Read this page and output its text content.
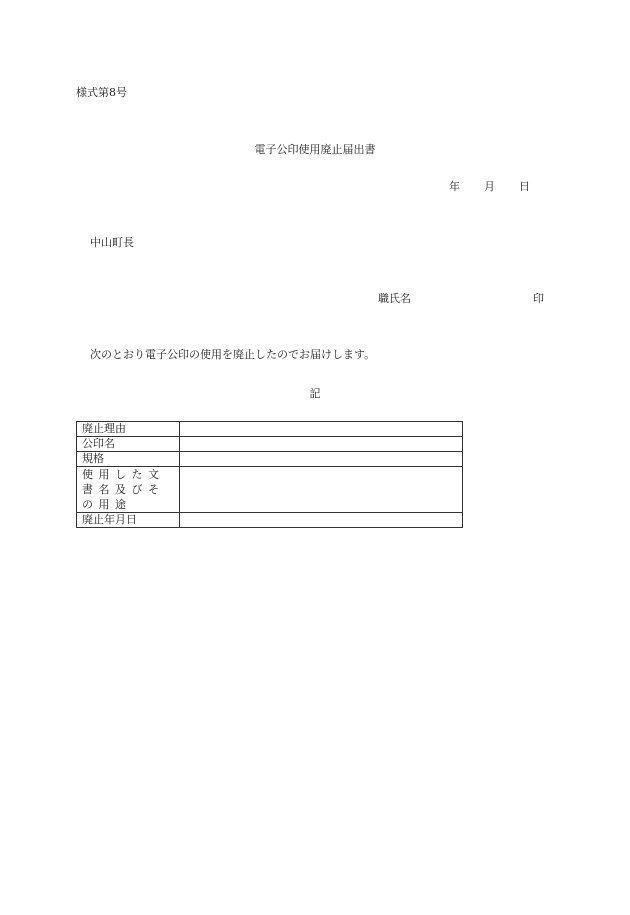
様式第8号
電子公印使用廃止届出書
年 月 日
中山町長
職氏名	印
次のとおり電子公印の使用を廃止したのでお届けします。
記
廃止理由	
公印名	
規格	
使用した文書名及びその用途	
廃止年月日	
